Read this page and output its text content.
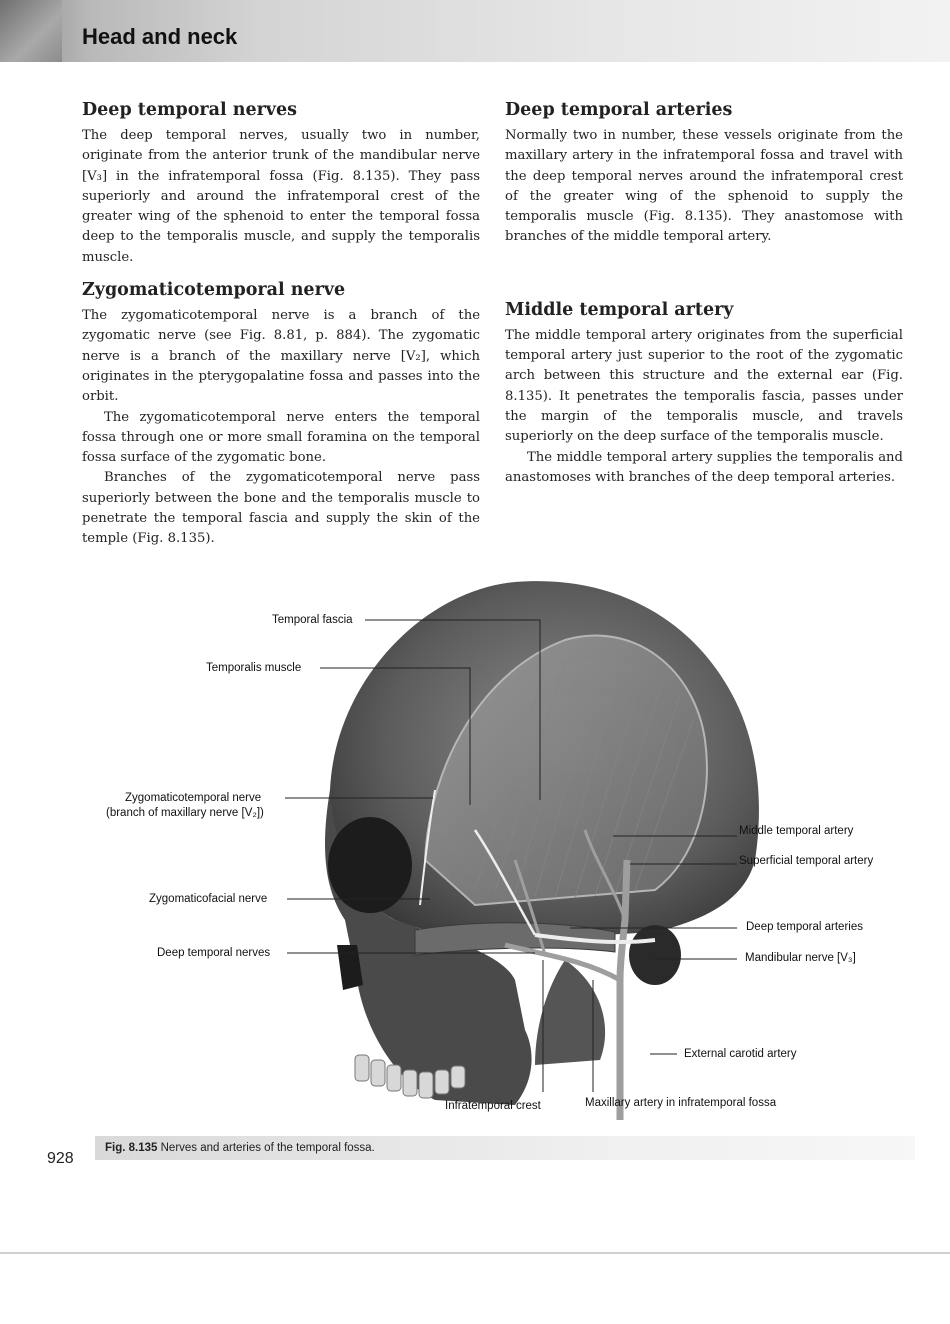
Head and neck
Deep temporal nerves

The deep temporal nerves, usually two in number, originate from the anterior trunk of the mandibular nerve [V₃] in the infratemporal fossa (Fig. 8.135). They pass superiorly and around the infratemporal crest of the greater wing of the sphenoid to enter the temporal fossa deep to the temporalis muscle, and supply the temporalis muscle.

Zygomaticotemporal nerve

The zygomaticotemporal nerve is a branch of the zygomatic nerve (see Fig. 8.81, p. 884). The zygomatic nerve is a branch of the maxillary nerve [V₂], which originates in the pterygopalatine fossa and passes into the orbit.

The zygomaticotemporal nerve enters the temporal fossa through one or more small foramina on the temporal fossa surface of the zygomatic bone.

Branches of the zygomaticotemporal nerve pass superiorly between the bone and the temporalis muscle to penetrate the temporal fascia and supply the skin of the temple (Fig. 8.135).

Deep temporal arteries

Normally two in number, these vessels originate from the maxillary artery in the infratemporal fossa and travel with the deep temporal nerves around the infratemporal crest of the greater wing of the sphenoid to supply the temporalis muscle (Fig. 8.135). They anastomose with branches of the middle temporal artery.

Middle temporal artery

The middle temporal artery originates from the superficial temporal artery just superior to the root of the zygomatic arch between this structure and the external ear (Fig. 8.135). It penetrates the temporalis fascia, passes under the margin of the temporalis muscle, and travels superiorly on the deep surface of the temporalis muscle.

The middle temporal artery supplies the temporalis and anastomoses with branches of the deep temporal arteries.

Temporal fascia
Temporalis muscle
Zygomaticotemporal nerve
(branch of maxillary nerve [V₂])
Zygomaticofacial nerve
Deep temporal nerves
Middle temporal artery
Superficial temporal artery
Deep temporal arteries
Mandibular nerve [V₃]
External carotid artery
Infratemporal crest	Maxillary artery in infratemporal fossa
Fig. 8.135 Nerves and arteries of the temporal fossa.
928
